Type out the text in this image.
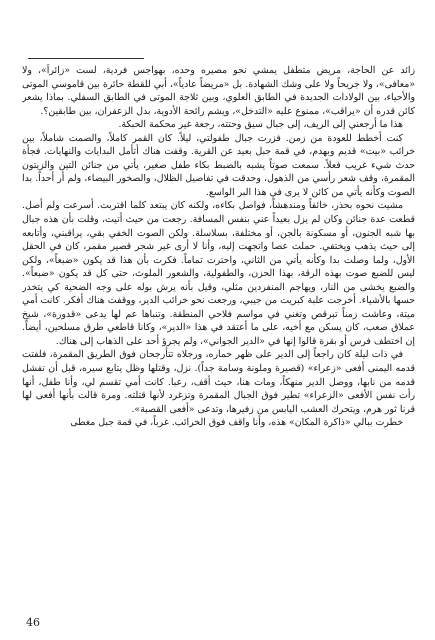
زائد عن الحاجة، مريض متطفل يمشي نحو مصيره وحده، بهواجس فردية، لست «زائراً»، ولا «معافى»، ولا جريحاً ولا على وشك الشهادة. بل «مريضاً عادياً»، أبي للقطة حائرة بين قاموسي الموتى والأحياء، بين الولادات الجديدة في الطابق العلوي، وبين ثلاجة الموتى في الطابق السفلي. بماذا يشعر كائن قدره أن «يراقب»، ممنوع عليه «التدخل»، ويشم رائحة الأدوية، بدل الزعفران، بين طابقين؟.

هذا ما أرجعني إلى الريف، إلى جبال سيق وحتته، رجعة غير محكمة الحبكة.

كنت أخطط للعودة من زمن. فزرت جبال طفولتي، ليلاً. كان القمر كاملاً، والصمت شاملاً، بين خرائب «بيت» قديم وبهدم، في قمة جبل بعيد عن القرية. وقفت هناك أتأمل البدايات والنهايات. فجأة حدث شيء غريب فعلاً. سمعت صوتاً يشبه بالضبط بكاء طفل صغير، يأتي من جنائن التين والزيتون المقمرة، وقف شعر رأسي من الذهول، وحدقت في تفاصيل الظلال، والصخور البيضاء، ولم أر أحداً. بدا الصوت وكأنه يأتي من كائن لا يرى في هذا البر الواسع.

مشيت نحوه بحذر، خائفاً ومندهشاً، فواصل بكاءه، ولكنه كان يبتعد كلما اقتربت. أسرعت ولم أصل. قطعت عدة جنائن وكان لم يزل بعيداً عني بنفس المسافة. رجعت من حيث أتيت، وقلت بأن هذه جبال بها شبه الجنون، أو مسكونة بالجن، أو مختلفة، بسلاسلة. ولكن الصوت الخفي بقي، يراقبني، وأتابعه إلى حيث يذهب ويختفي. حملت عصا واتجهت إليه، وأنا لا أرى غير شجر قصير مقمر، كان في الحقل الأول، ولما وصلت بدا وكأنه يأتي من الثاني، واحترت تماماً. فكرت بأن هذا قد يكون «ضبعاً»، ولكن ليس للضبع صوت بهذه الرقة، بهذا الحزن، والطفولية، والشعور الملوث، حتى كل قد يكون «ضبعاً». والضبع يخشى من النار، ويهاجم المنفردين مثلي، وقيل بأنه يرش بوله على وجه الضحية كي يتخدر حسها بالأشياء. أخرجت علبة كبريت من جيبي، ورجعت نحو خرائب الدير، ووقفت هناك أفكر. كانت أمي ميتة، وعاشت زمناً تبرقص وتغني في مواسم فلاحي المنطقة. وتنباها عم لها يدعى «قدورة»، شيخ عملاق صعب، كان يسكن مع أخيه، على ما أعتقد في هذا «الدير»، وكانا قاطعي طرق مسلحين، أيضاً. إن اختطف فرس أو بقرة قالوا إنها في «الدير الجواني»، ولم يجرؤ أحد على الذهاب إلى هناك.

في ذات ليلة كان راجعاً إلى الدير على ظهر حماره، ورجلاه تتأرجحان فوق الطريق المقمرة، فلفتت قدمه اليمنى أفعى «زعراء» (قصيرة وملونة وسامة جداً). نزل، وقتلها وظل يتابع سيره، قبل أن تفشل قدمه من نابها، ووصل الدير منهكاً، ومات هنا، حيث أقف، رعبا. كانت أمي تقسم لي، وأنا طفل، أنها رأت نفس الأفعى «الزعراء» تطير فوق الجبال المقمرة وتزغرد لأنها قتلته. ومرة قالت بأنها أفعى لها قرنا ثور هرم، ويتحرك العشب اليابس من زفيرها، وتدعى «أفعى القصبة».

خطرت ببالي «ذاكرة المكان» هذه، وأنا واقف فوق الخرائب. غرباً، في قمة جبل مغطى

46
